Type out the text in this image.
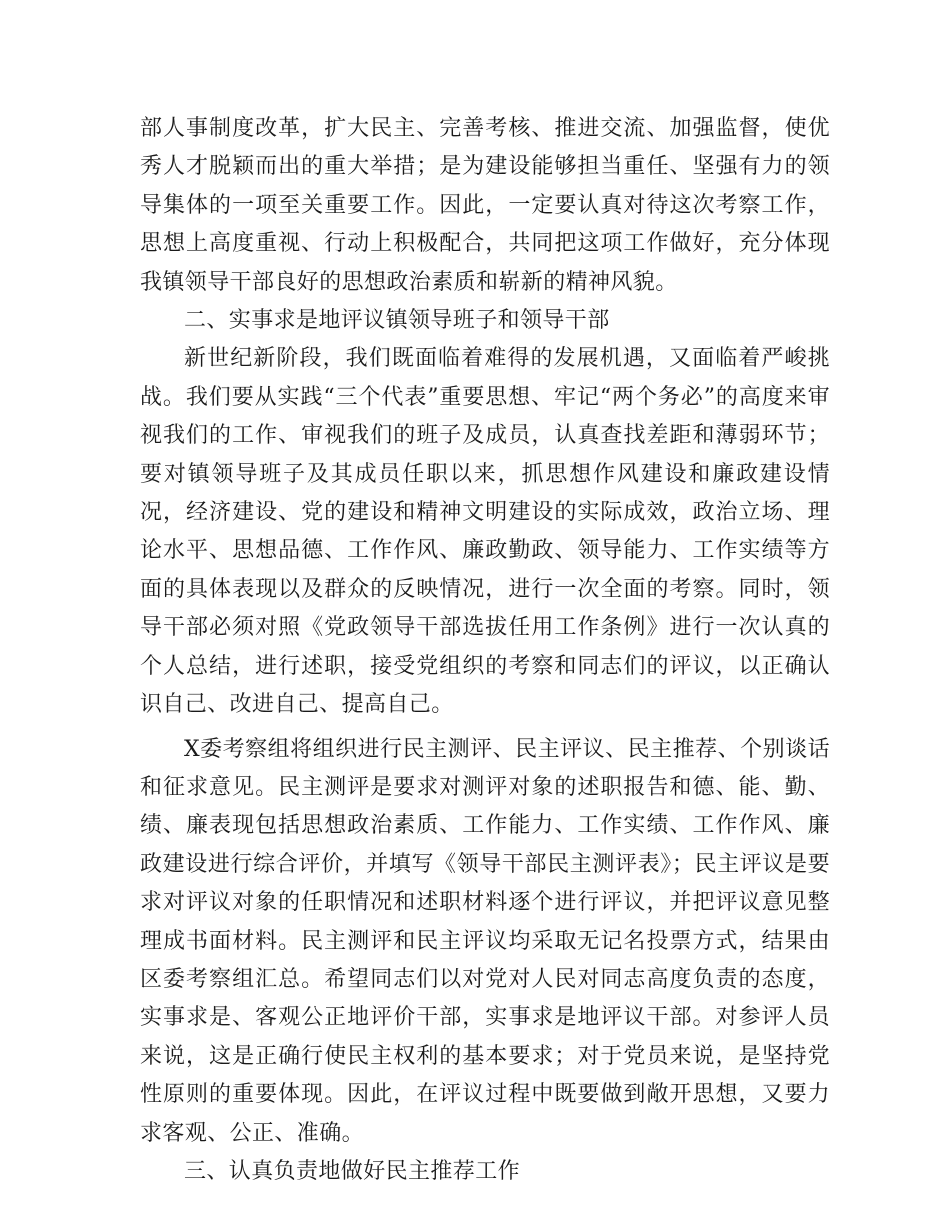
部人事制度改革，扩大民主、完善考核、推进交流、加强监督，使优秀人才脱颖而出的重大举措；是为建设能够担当重任、坚强有力的领导集体的一项至关重要工作。因此，一定要认真对待这次考察工作，思想上高度重视、行动上积极配合，共同把这项工作做好，充分体现我镇领导干部良好的思想政治素质和崭新的精神风貌。

二、实事求是地评议镇领导班子和领导干部

新世纪新阶段，我们既面临着难得的发展机遇，又面临着严峻挑战。我们要从实践“三个代表”重要思想、牢记“两个务必”的高度来审视我们的工作、审视我们的班子及成员，认真查找差距和薄弱环节；要对镇领导班子及其成员任职以来，抓思想作风建设和廉政建设情况，经济建设、党的建设和精神文明建设的实际成效，政治立场、理论水平、思想品德、工作作风、廉政勤政、领导能力、工作实绩等方面的具体表现以及群众的反映情况，进行一次全面的考察。同时，领导干部必须对照《党政领导干部选拔任用工作条例》进行一次认真的个人总结，进行述职，接受党组织的考察和同志们的评议，以正确认识自己、改进自己、提高自己。

X委考察组将组织进行民主测评、民主评议、民主推荐、个别谈话和征求意见。民主测评是要求对测评对象的述职报告和德、能、勤、绩、廉表现包括思想政治素质、工作能力、工作实绩、工作作风、廉政建设进行综合评价，并填写《领导干部民主测评表》；民主评议是要求对评议对象的任职情况和述职材料逐个进行评议，并把评议意见整理成书面材料。民主测评和民主评议均采取无记名投票方式，结果由区委考察组汇总。希望同志们以对党对人民对同志高度负责的态度，实事求是、客观公正地评价干部，实事求是地评议干部。对参评人员来说，这是正确行使民主权利的基本要求；对于党员来说，是坚持党性原则的重要体现。因此，在评议过程中既要做到敞开思想，又要力求客观、公正、准确。

三、认真负责地做好民主推荐工作
